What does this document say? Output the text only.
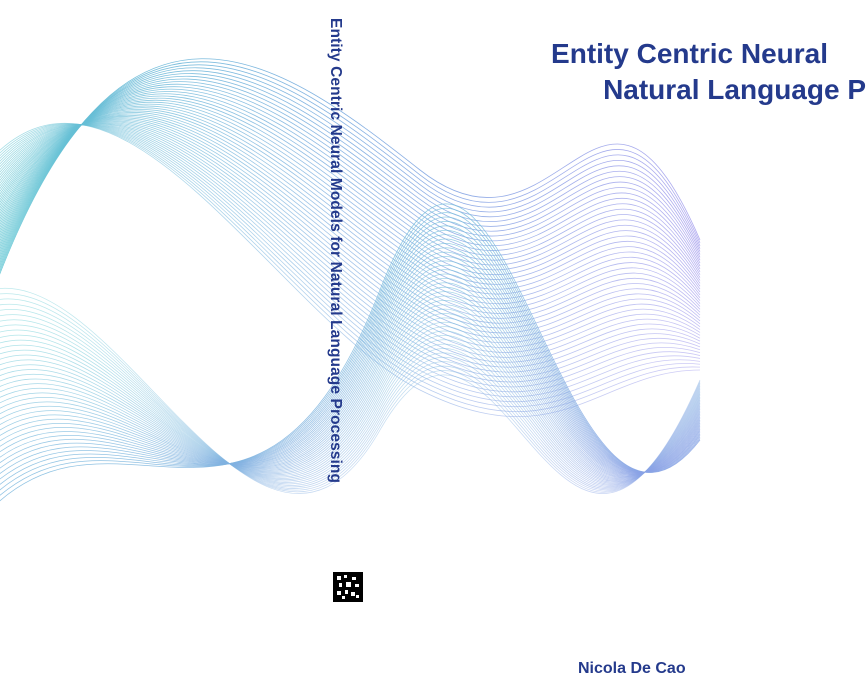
Entity Centric Neural Models for Natural Language Processing	Entity Centric Neural
Natural Language P
Nicola De Cao
